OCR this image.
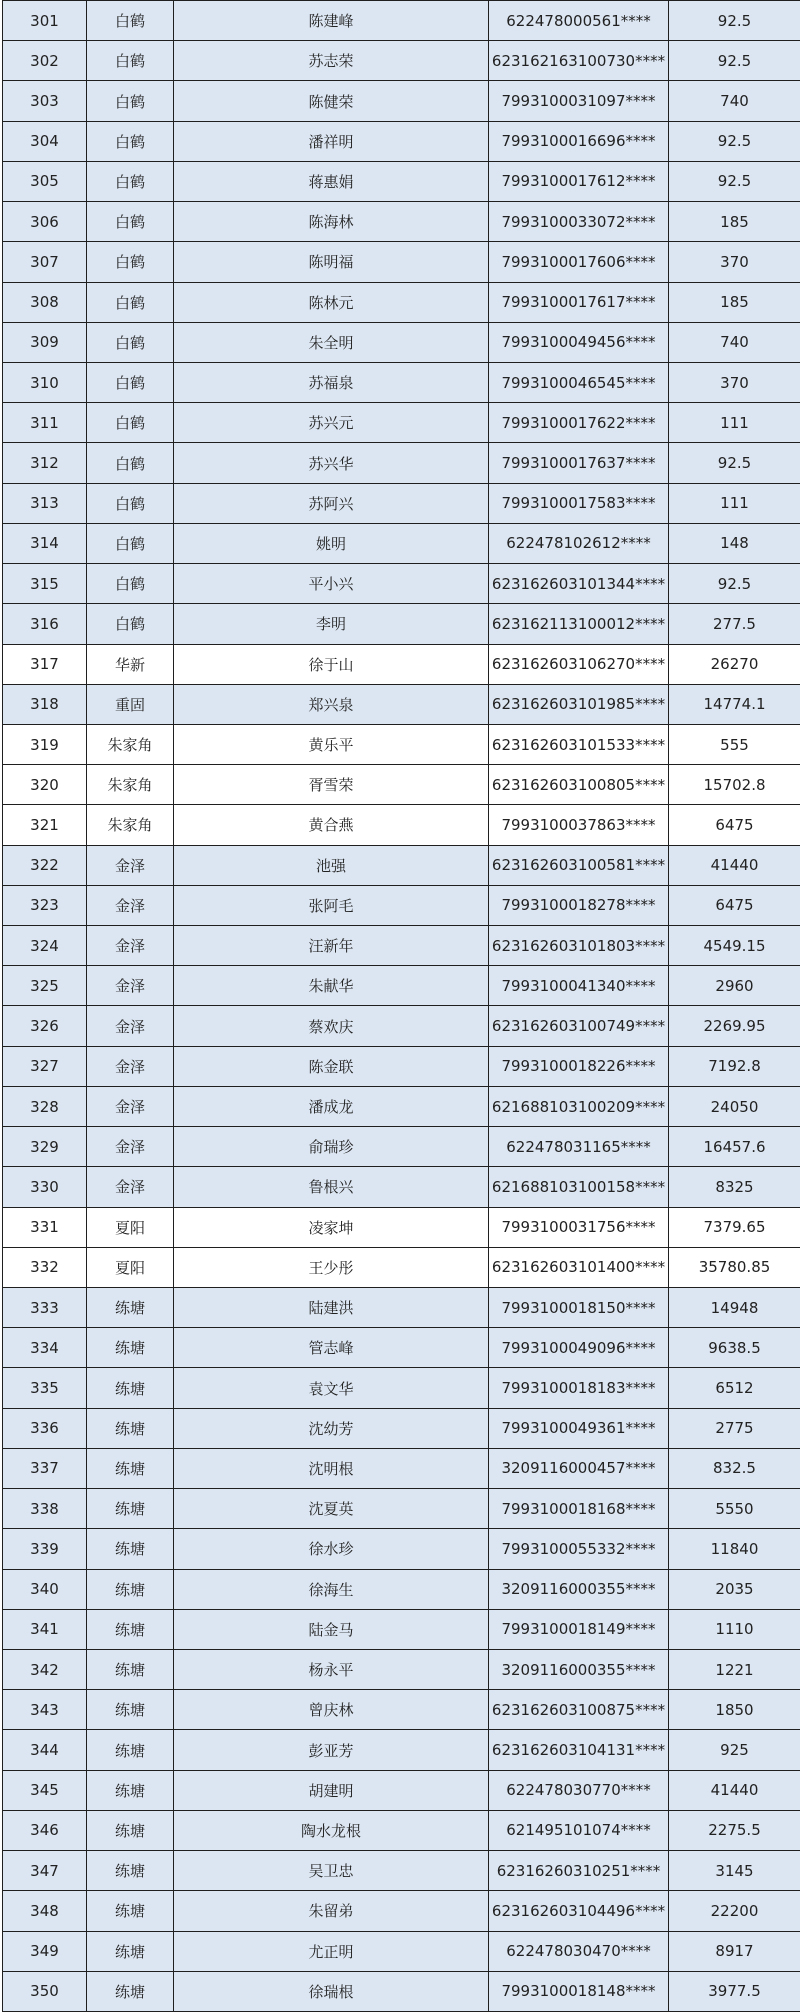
301	白鹤	陈建峰	622478000561****	92.5
302	白鹤	苏志荣	623162163100730****	92.5
303	白鹤	陈健荣	7993100031097****	740
304	白鹤	潘祥明	7993100016696****	92.5
305	白鹤	蒋惠娟	7993100017612****	92.5
306	白鹤	陈海林	7993100033072****	185
307	白鹤	陈明福	7993100017606****	370
308	白鹤	陈林元	7993100017617****	185
309	白鹤	朱全明	7993100049456****	740
310	白鹤	苏福泉	7993100046545****	370
311	白鹤	苏兴元	7993100017622****	111
312	白鹤	苏兴华	7993100017637****	92.5
313	白鹤	苏阿兴	7993100017583****	111
314	白鹤	姚明	622478102612****	148
315	白鹤	平小兴	623162603101344****	92.5
316	白鹤	李明	623162113100012****	277.5
317	华新	徐于山	623162603106270****	26270
318	重固	郑兴泉	623162603101985****	14774.1
319	朱家角	黄乐平	623162603101533****	555
320	朱家角	胥雪荣	623162603100805****	15702.8
321	朱家角	黄合燕	7993100037863****	6475
322	金泽	池强	623162603100581****	41440
323	金泽	张阿毛	7993100018278****	6475
324	金泽	汪新年	623162603101803****	4549.15
325	金泽	朱献华	7993100041340****	2960
326	金泽	蔡欢庆	623162603100749****	2269.95
327	金泽	陈金联	7993100018226****	7192.8
328	金泽	潘成龙	621688103100209****	24050
329	金泽	俞瑞珍	622478031165****	16457.6
330	金泽	鲁根兴	621688103100158****	8325
331	夏阳	凌家坤	7993100031756****	7379.65
332	夏阳	王少彤	623162603101400****	35780.85
333	练塘	陆建洪	7993100018150****	14948
334	练塘	管志峰	7993100049096****	9638.5
335	练塘	袁文华	7993100018183****	6512
336	练塘	沈幼芳	7993100049361****	2775
337	练塘	沈明根	3209116000457****	832.5
338	练塘	沈夏英	7993100018168****	5550
339	练塘	徐水珍	7993100055332****	11840
340	练塘	徐海生	3209116000355****	2035
341	练塘	陆金马	7993100018149****	1110
342	练塘	杨永平	3209116000355****	1221
343	练塘	曾庆林	623162603100875****	1850
344	练塘	彭亚芳	623162603104131****	925
345	练塘	胡建明	622478030770****	41440
346	练塘	陶水龙根	621495101074****	2275.5
347	练塘	吴卫忠	62316260310251****	3145
348	练塘	朱留弟	623162603104496****	22200
349	练塘	尤正明	622478030470****	8917
350	练塘	徐瑞根	7993100018148****	3977.5
